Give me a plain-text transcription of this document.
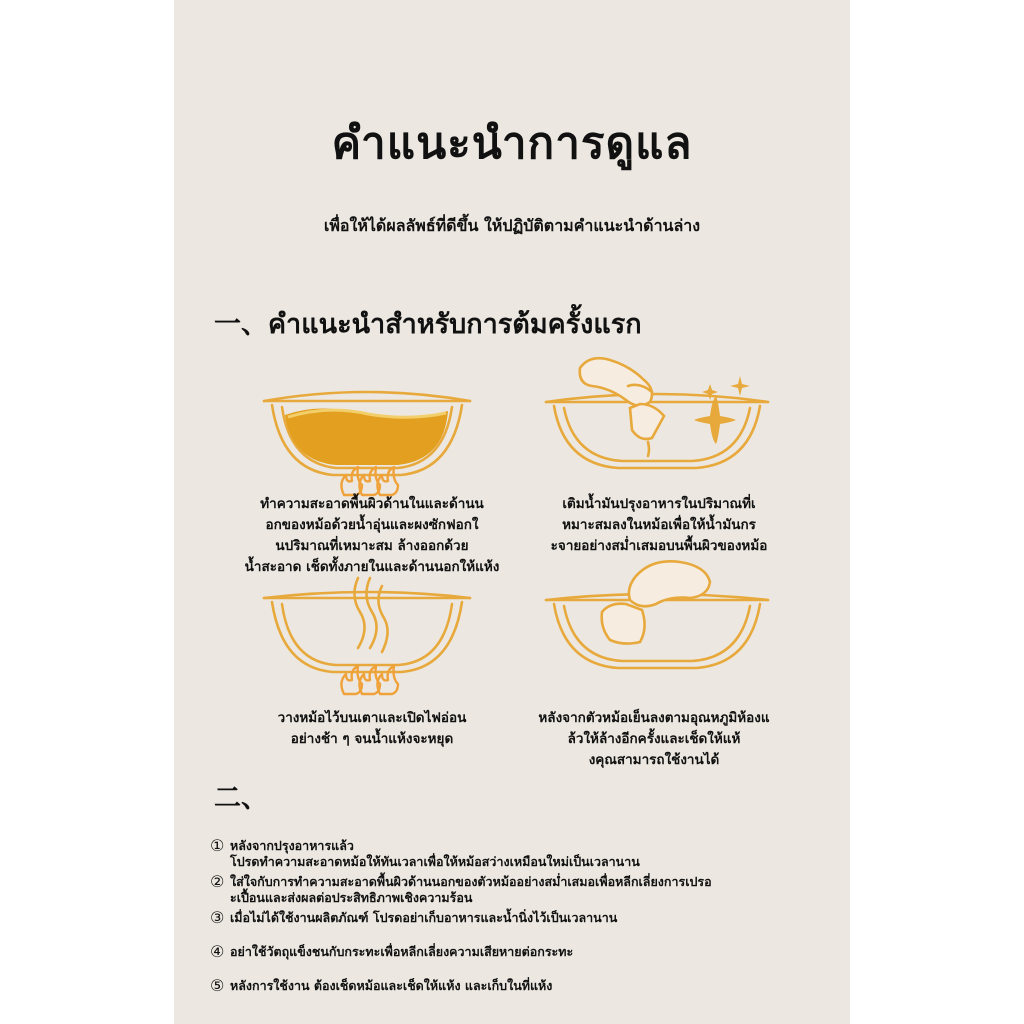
คำแนะนำการดูแล
เพื่อให้ได้ผลลัพธ์ที่ดีขึ้น ให้ปฏิบัติตามคำแนะนำด้านล่าง
一、คำแนะนำสำหรับการต้มครั้งแรก
ทำความสะอาดพื้นผิวด้านในและด้านน
อกของหม้อด้วยน้ำอุ่นและผงซักฟอกใ
นปริมาณที่เหมาะสม ล้างออกด้วย
น้ำสะอาด เช็ดทั้งภายในและด้านนอกให้แห้ง
เติมน้ำมันปรุงอาหารในปริมาณที่เ
หมาะสมลงในหม้อเพื่อให้น้ำมันกร
ะจายอย่างสม่ำเสมอบนพื้นผิวของหม้อ
วางหม้อไว้บนเตาและเปิดไฟอ่อน
อย่างช้า ๆ จนน้ำแห้งจะหยุด
หลังจากตัวหม้อเย็นลงตามอุณหภูมิห้องแ
ล้วให้ล้างอีกครั้งและเช็ดให้แห้
งคุณสามารถใช้งานได้
二、
① หลังจากปรุงอาหารแล้ว
โปรดทำความสะอาดหม้อให้ทันเวลาเพื่อให้หม้อสว่างเหมือนใหม่เป็นเวลานาน
② ใส่ใจกับการทำความสะอาดพื้นผิวด้านนอกของตัวหม้ออย่างสม่ำเสมอเพื่อหลีกเลี่ยงการเปรอ
ะเปื้อนและส่งผลต่อประสิทธิภาพเชิงความร้อน
③ เมื่อไม่ได้ใช้งานผลิตภัณฑ์ โปรดอย่าเก็บอาหารและน้ำนิ่งไว้เป็นเวลานาน
④ อย่าใช้วัตถุแข็งชนกับกระทะเพื่อหลีกเลี่ยงความเสียหายต่อกระทะ
⑤ หลังการใช้งาน ต้องเช็ดหม้อและเช็ดให้แห้ง และเก็บในที่แห้ง
